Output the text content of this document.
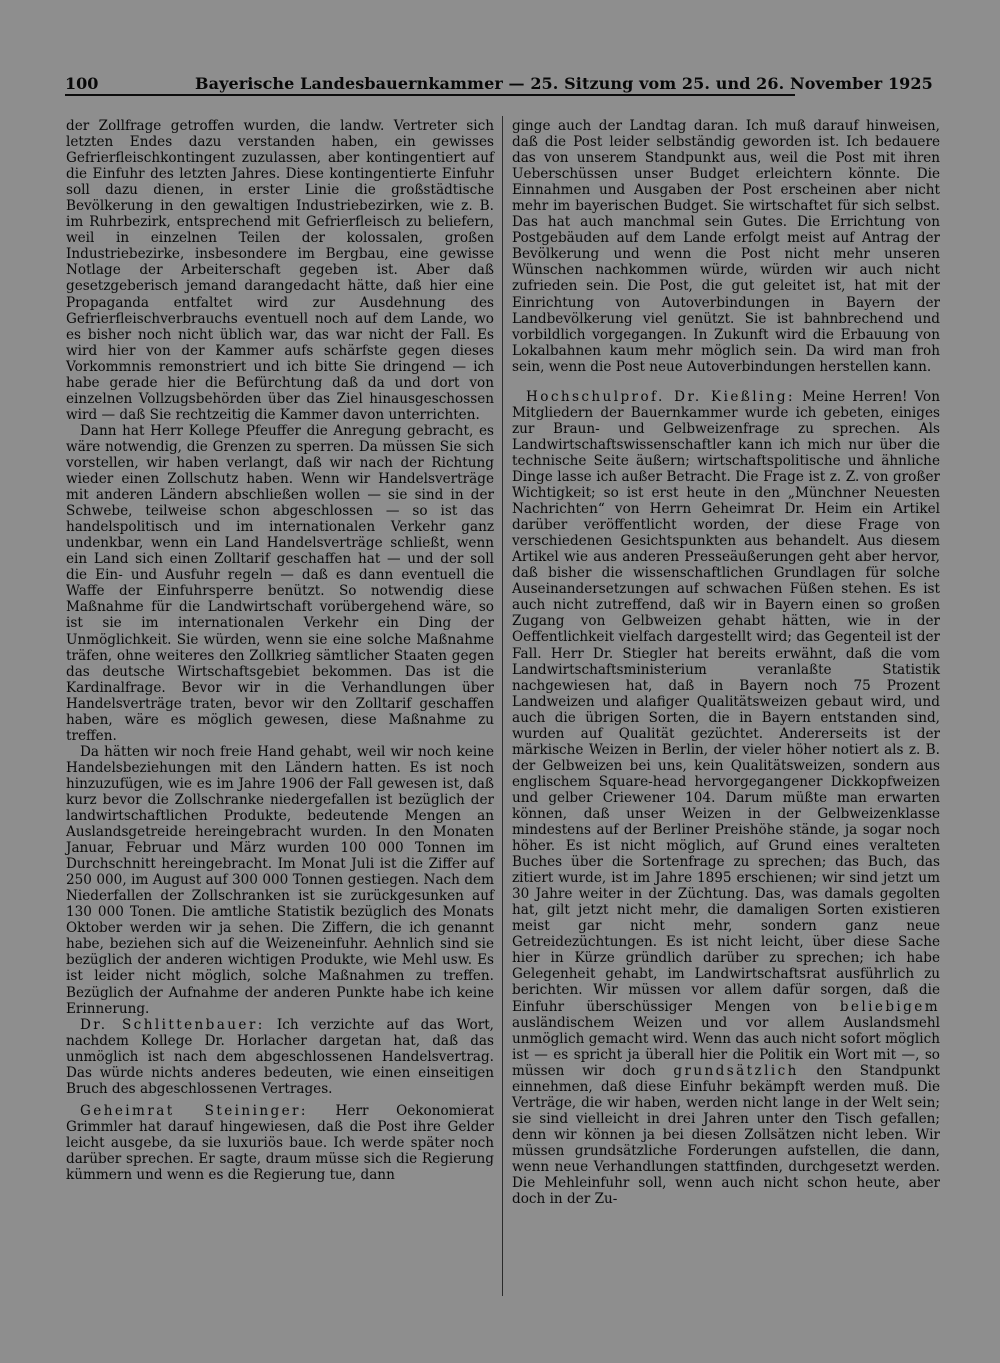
100	Bayerische Landesbauernkammer — 25. Sitzung vom 25. und 26. November 1925

der Zollfrage getroffen wurden, die landw. Vertreter sich letzten Endes dazu verstanden haben, ein gewisses Gefrierfleischkontingent zuzulassen, aber kontingentiert auf die Einfuhr des letzten Jahres. Diese kontingentierte Einfuhr soll dazu dienen, in erster Linie die großstädtische Bevölkerung in den gewaltigen Industriebezirken, wie z. B. im Ruhrbezirk, entsprechend mit Gefrierfleisch zu beliefern, weil in einzelnen Teilen der kolossalen, großen Industriebezirke, insbesondere im Bergbau, eine gewisse Notlage der Arbeiterschaft gegeben ist. Aber daß gesetzgeberisch jemand darangedacht hätte, daß hier eine Propaganda entfaltet wird zur Ausdehnung des Gefrierfleischverbrauchs eventuell noch auf dem Lande, wo es bisher noch nicht üblich war, das war nicht der Fall. Es wird hier von der Kammer aufs schärfste gegen dieses Vorkommnis remonstriert und ich bitte Sie dringend — ich habe gerade hier die Befürchtung daß da und dort von einzelnen Vollzugsbehörden über das Ziel hinausgeschossen wird — daß Sie rechtzeitig die Kammer davon unterrichten.

Dann hat Herr Kollege Pfeuffer die Anregung gebracht, es wäre notwendig, die Grenzen zu sperren. Da müssen Sie sich vorstellen, wir haben verlangt, daß wir nach der Richtung wieder einen Zollschutz haben. Wenn wir Handelsverträge mit anderen Ländern abschließen wollen — sie sind in der Schwebe, teilweise schon abgeschlossen — so ist das handelspolitisch und im internationalen Verkehr ganz undenkbar, wenn ein Land Handelsverträge schließt, wenn ein Land sich einen Zolltarif geschaffen hat — und der soll die Ein- und Ausfuhr regeln — daß es dann eventuell die Waffe der Einfuhrsperre benützt. So notwendig diese Maßnahme für die Landwirtschaft vorübergehend wäre, so ist sie im internationalen Verkehr ein Ding der Unmöglichkeit. Sie würden, wenn sie eine solche Maßnahme träfen, ohne weiteres den Zollkrieg sämtlicher Staaten gegen das deutsche Wirtschaftsgebiet bekommen. Das ist die Kardinalfrage. Bevor wir in die Verhandlungen über Handelsverträge traten, bevor wir den Zolltarif geschaffen haben, wäre es möglich gewesen, diese Maßnahme zu treffen.

Da hätten wir noch freie Hand gehabt, weil wir noch keine Handelsbeziehungen mit den Ländern hatten. Es ist noch hinzuzufügen, wie es im Jahre 1906 der Fall gewesen ist, daß kurz bevor die Zollschranke niedergefallen ist bezüglich der landwirtschaftlichen Produkte, bedeutende Mengen an Auslandsgetreide hereingebracht wurden. In den Monaten Januar, Februar und März wurden 100 000 Tonnen im Durchschnitt hereingebracht. Im Monat Juli ist die Ziffer auf 250 000, im August auf 300 000 Tonnen gestiegen. Nach dem Niederfallen der Zollschranken ist sie zurückgesunken auf 130 000 Tonen. Die amtliche Statistik bezüglich des Monats Oktober werden wir ja sehen. Die Ziffern, die ich genannt habe, beziehen sich auf die Weizeneinfuhr. Aehnlich sind sie bezüglich der anderen wichtigen Produkte, wie Mehl usw. Es ist leider nicht möglich, solche Maßnahmen zu treffen. Bezüglich der Aufnahme der anderen Punkte habe ich keine Erinnerung.

Dr. Schlittenbauer: Ich verzichte auf das Wort, nachdem Kollege Dr. Horlacher dargetan hat, daß das unmöglich ist nach dem abgeschlossenen Handelsvertrag. Das würde nichts anderes bedeuten, wie einen einseitigen Bruch des abgeschlossenen Vertrages.

Geheimrat Steininger: Herr Oekonomierat Grimmler hat darauf hingewiesen, daß die Post ihre Gelder leicht ausgebe, da sie luxuriös baue. Ich werde später noch darüber sprechen. Er sagte, draum müsse sich die Regierung kümmern und wenn es die Regierung tue, dann

ginge auch der Landtag daran. Ich muß darauf hinweisen, daß die Post leider selbständig geworden ist. Ich bedauere das von unserem Standpunkt aus, weil die Post mit ihren Ueberschüssen unser Budget erleichtern könnte. Die Einnahmen und Ausgaben der Post erscheinen aber nicht mehr im bayerischen Budget. Sie wirtschaftet für sich selbst. Das hat auch manchmal sein Gutes. Die Errichtung von Postgebäuden auf dem Lande erfolgt meist auf Antrag der Bevölkerung und wenn die Post nicht mehr unseren Wünschen nachkommen würde, würden wir auch nicht zufrieden sein. Die Post, die gut geleitet ist, hat mit der Einrichtung von Autoverbindungen in Bayern der Landbevölkerung viel genützt. Sie ist bahnbrechend und vorbildlich vorgegangen. In Zukunft wird die Erbauung von Lokalbahnen kaum mehr möglich sein. Da wird man froh sein, wenn die Post neue Autoverbindungen herstellen kann.

Hochschulprof. Dr. Kießling: Meine Herren! Von Mitgliedern der Bauernkammer wurde ich gebeten, einiges zur Braun- und Gelbweizenfrage zu sprechen. Als Landwirtschaftswissenschaftler kann ich mich nur über die technische Seite äußern; wirtschaftspolitische und ähnliche Dinge lasse ich außer Betracht. Die Frage ist z. Z. von großer Wichtigkeit; so ist erst heute in den „Münchner Neuesten Nachrichten“ von Herrn Geheimrat Dr. Heim ein Artikel darüber veröffentlicht worden, der diese Frage von verschiedenen Gesichtspunkten aus behandelt. Aus diesem Artikel wie aus anderen Presseäußerungen geht aber hervor, daß bisher die wissenschaftlichen Grundlagen für solche Auseinandersetzungen auf schwachen Füßen stehen. Es ist auch nicht zutreffend, daß wir in Bayern einen so großen Zugang von Gelbweizen gehabt hätten, wie in der Oeffentlichkeit vielfach dargestellt wird; das Gegenteil ist der Fall. Herr Dr. Stiegler hat bereits erwähnt, daß die vom Landwirtschaftsministerium veranlaßte Statistik nachgewiesen hat, daß in Bayern noch 75 Prozent Landweizen und alafiger Qualitätsweizen gebaut wird, und auch die übrigen Sorten, die in Bayern entstanden sind, wurden auf Qualität gezüchtet. Andererseits ist der märkische Weizen in Berlin, der vieler höher notiert als z. B. der Gelbweizen bei uns, kein Qualitätsweizen, sondern aus englischem Square-head hervorgegangener Dickkopfweizen und gelber Criewener 104. Darum müßte man erwarten können, daß unser Weizen in der Gelbweizenklasse mindestens auf der Berliner Preishöhe stände, ja sogar noch höher. Es ist nicht möglich, auf Grund eines veralteten Buches über die Sortenfrage zu sprechen; das Buch, das zitiert wurde, ist im Jahre 1895 erschienen; wir sind jetzt um 30 Jahre weiter in der Züchtung. Das, was damals gegolten hat, gilt jetzt nicht mehr, die damaligen Sorten existieren meist gar nicht mehr, sondern ganz neue Getreidezüchtungen. Es ist nicht leicht, über diese Sache hier in Kürze gründlich darüber zu sprechen; ich habe Gelegenheit gehabt, im Landwirtschaftsrat ausführlich zu berichten. Wir müssen vor allem dafür sorgen, daß die Einfuhr überschüssiger Mengen von beliebigem ausländischem Weizen und vor allem Auslandsmehl unmöglich gemacht wird. Wenn das auch nicht sofort möglich ist — es spricht ja überall hier die Politik ein Wort mit —, so müssen wir doch grundsätzlich den Standpunkt einnehmen, daß diese Einfuhr bekämpft werden muß. Die Verträge, die wir haben, werden nicht lange in der Welt sein; sie sind vielleicht in drei Jahren unter den Tisch gefallen; denn wir können ja bei diesen Zollsätzen nicht leben. Wir müssen grundsätzliche Forderungen aufstellen, die dann, wenn neue Verhandlungen stattfinden, durchgesetzt werden. Die Mehleinfuhr soll, wenn auch nicht schon heute, aber doch in der Zu-
